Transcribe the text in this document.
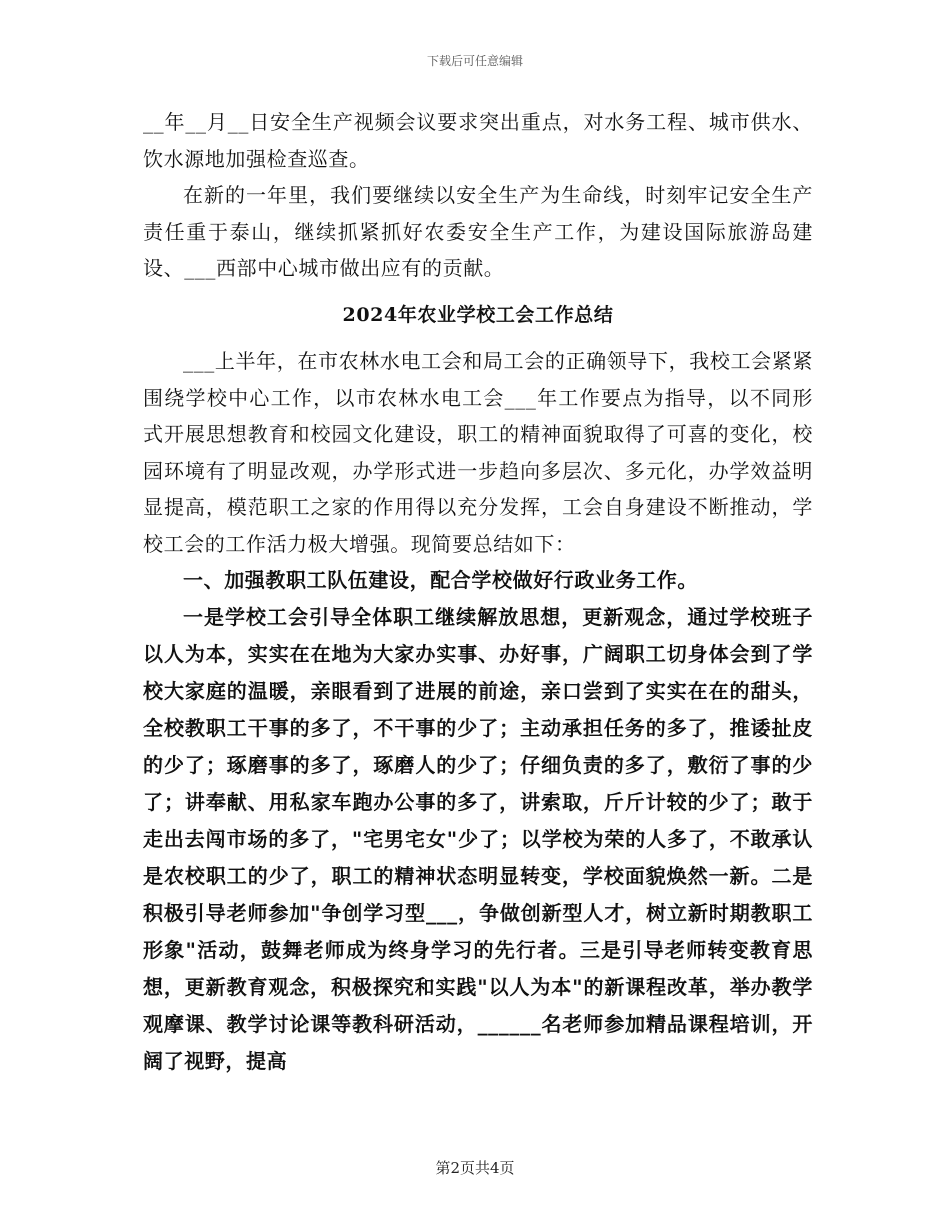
下载后可任意编辑

__年__月__日安全生产视频会议要求突出重点，对水务工程、城市供水、饮水源地加强检查巡查。

在新的一年里，我们要继续以安全生产为生命线，时刻牢记安全生产责任重于泰山，继续抓紧抓好农委安全生产工作，为建设国际旅游岛建设、___西部中心城市做出应有的贡献。

2024年农业学校工会工作总结

___上半年，在市农林水电工会和局工会的正确领导下，我校工会紧紧围绕学校中心工作，以市农林水电工会___年工作要点为指导，以不同形式开展思想教育和校园文化建设，职工的精神面貌取得了可喜的变化，校园环境有了明显改观，办学形式进一步趋向多层次、多元化，办学效益明显提高，模范职工之家的作用得以充分发挥，工会自身建设不断推动，学校工会的工作活力极大增强。现简要总结如下：

一、加强教职工队伍建设，配合学校做好行政业务工作。

一是学校工会引导全体职工继续解放思想，更新观念，通过学校班子以人为本，实实在在地为大家办实事、办好事，广阔职工切身体会到了学校大家庭的温暖，亲眼看到了进展的前途，亲口尝到了实实在在的甜头，全校教职工干事的多了，不干事的少了；主动承担任务的多了，推诿扯皮的少了；琢磨事的多了，琢磨人的少了；仔细负责的多了，敷衍了事的少了；讲奉献、用私家车跑办公事的多了，讲索取，斤斤计较的少了；敢于走出去闯市场的多了，"宅男宅女"少了；以学校为荣的人多了，不敢承认是农校职工的少了，职工的精神状态明显转变，学校面貌焕然一新。二是积极引导老师参加"争创学习型___，争做创新型人才，树立新时期教职工形象"活动，鼓舞老师成为终身学习的先行者。三是引导老师转变教育思想，更新教育观念，积极探究和实践"以人为本"的新课程改革，举办教学观摩课、教学讨论课等教科研活动，______名老师参加精品课程培训，开阔了视野，提高

第2页共4页
